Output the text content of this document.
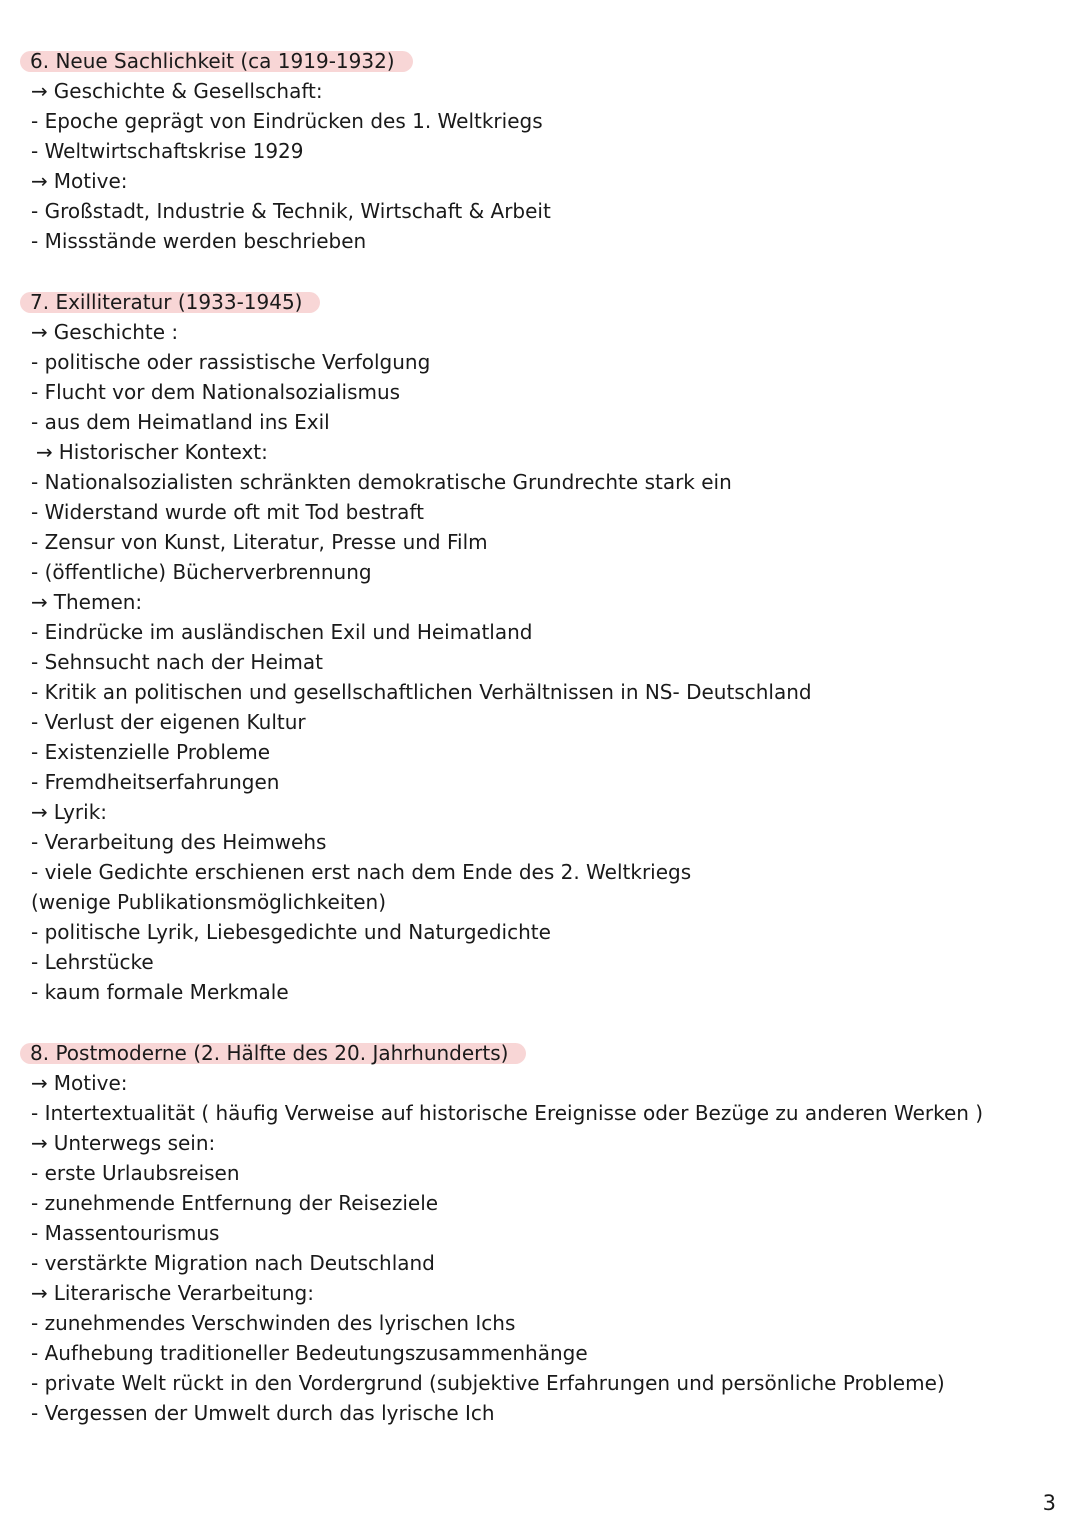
6. Neue Sachlichkeit (ca 1919-1932)
→ Geschichte & Gesellschaft:
- Epoche geprägt von Eindrücken des 1. Weltkriegs
- Weltwirtschaftskrise 1929
→ Motive:
- Großstadt, Industrie & Technik, Wirtschaft & Arbeit
- Missstände werden beschrieben
7. Exilliteratur (1933-1945)
→ Geschichte :
- politische oder rassistische Verfolgung
- Flucht vor dem Nationalsozialismus
- aus dem Heimatland ins Exil
→ Historischer Kontext:
- Nationalsozialisten schränkten demokratische Grundrechte stark ein
- Widerstand wurde oft mit Tod bestraft
- Zensur von Kunst, Literatur, Presse und Film
- (öffentliche) Bücherverbrennung
→ Themen:
- Eindrücke im ausländischen Exil und Heimatland
- Sehnsucht nach der Heimat
- Kritik an politischen und gesellschaftlichen Verhältnissen in NS- Deutschland
- Verlust der eigenen Kultur
- Existenzielle Probleme
- Fremdheitserfahrungen
→ Lyrik:
- Verarbeitung des Heimwehs
- viele Gedichte erschienen erst nach dem Ende des 2. Weltkriegs
(wenige Publikationsmöglichkeiten)
- politische Lyrik, Liebesgedichte und Naturgedichte
- Lehrstücke
- kaum formale Merkmale
8. Postmoderne (2. Hälfte des 20. Jahrhunderts)
→ Motive:
- Intertextualität ( häufig Verweise auf historische Ereignisse oder Bezüge zu anderen Werken )
→ Unterwegs sein:
- erste Urlaubsreisen
- zunehmende Entfernung der Reiseziele
- Massentourismus
- verstärkte Migration nach Deutschland
→ Literarische Verarbeitung:
- zunehmendes Verschwinden des lyrischen Ichs
- Aufhebung traditioneller Bedeutungszusammenhänge
- private Welt rückt in den Vordergrund (subjektive Erfahrungen und persönliche Probleme)
- Vergessen der Umwelt durch das lyrische Ich
3
